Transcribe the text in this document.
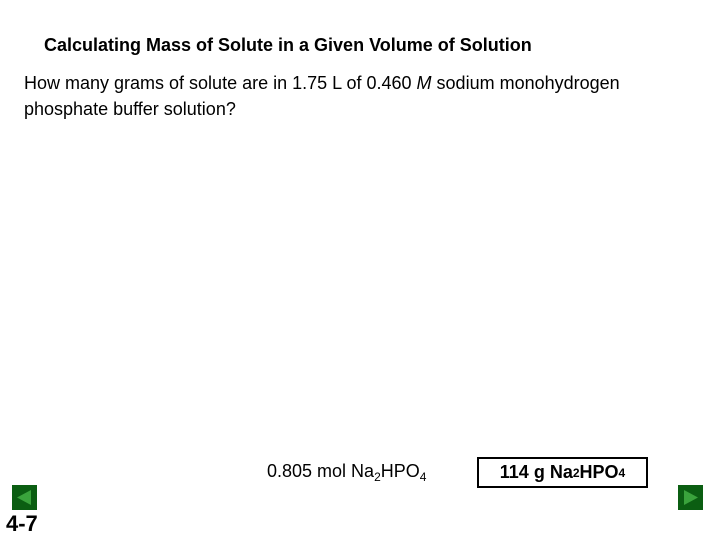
Calculating Mass of Solute in a Given Volume of Solution
How many grams of solute are in 1.75 L of 0.460 M sodium monohydrogen phosphate buffer solution?
0.805 mol $Na_2HPO_4$	114 g Na 2 HPO 4
4-7
